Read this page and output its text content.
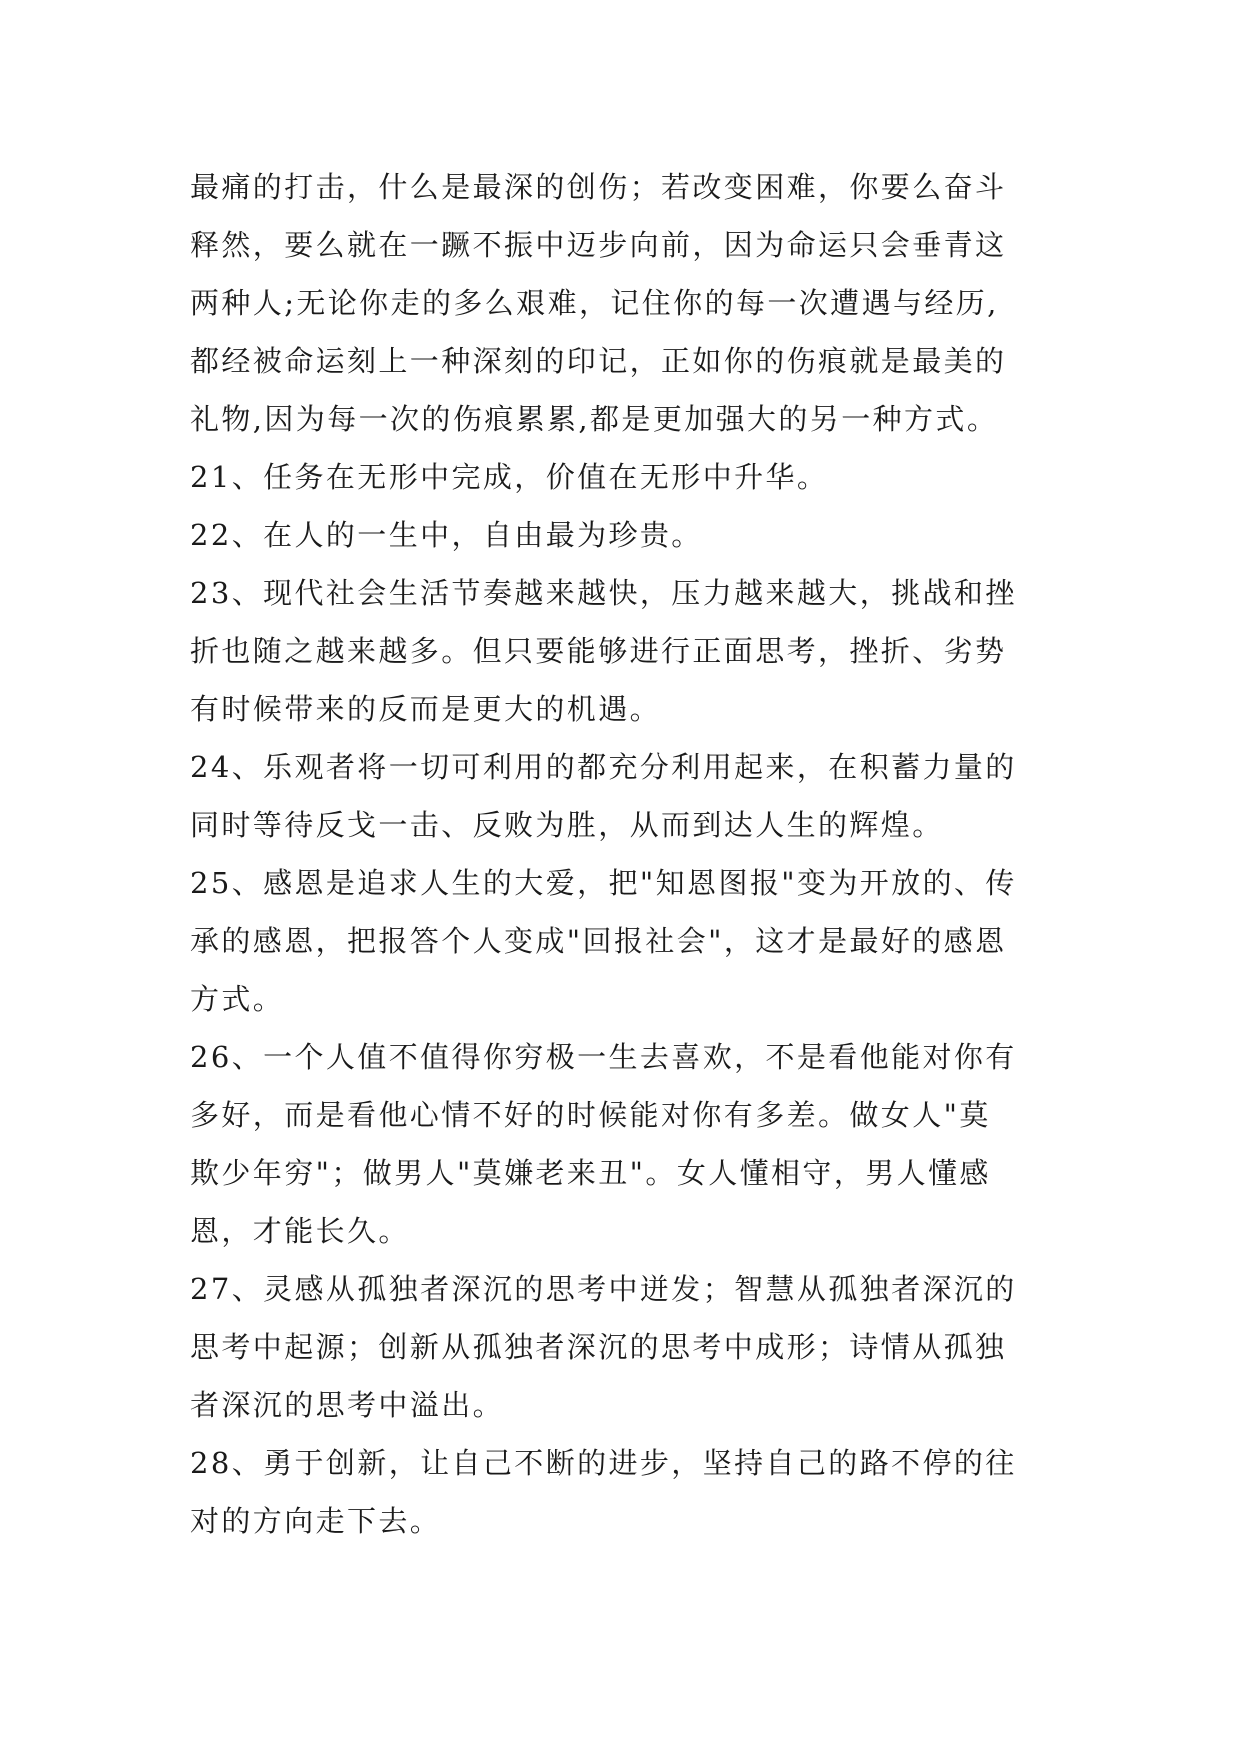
最痛的打击，什么是最深的创伤；若改变困难，你要么奋斗
释然，要么就在一蹶不振中迈步向前，因为命运只会垂青这
两种人;无论你走的多么艰难，记住你的每一次遭遇与经历,
都经被命运刻上一种深刻的印记，正如你的伤痕就是最美的
礼物,因为每一次的伤痕累累,都是更加强大的另一种方式。
21、任务在无形中完成，价值在无形中升华。
22、在人的一生中，自由最为珍贵。
23、现代社会生活节奏越来越快，压力越来越大，挑战和挫
折也随之越来越多。但只要能够进行正面思考，挫折、劣势
有时候带来的反而是更大的机遇。
24、乐观者将一切可利用的都充分利用起来，在积蓄力量的
同时等待反戈一击、反败为胜，从而到达人生的辉煌。
25、感恩是追求人生的大爱，把"知恩图报"变为开放的、传
承的感恩，把报答个人变成"回报社会"，这才是最好的感恩
方式。
26、一个人值不值得你穷极一生去喜欢，不是看他能对你有
多好，而是看他心情不好的时候能对你有多差。做女人"莫
欺少年穷"；做男人"莫嫌老来丑"。女人懂相守，男人懂感
恩，才能长久。
27、灵感从孤独者深沉的思考中迸发；智慧从孤独者深沉的
思考中起源；创新从孤独者深沉的思考中成形；诗情从孤独
者深沉的思考中溢出。
28、勇于创新，让自己不断的进步，坚持自己的路不停的往
对的方向走下去。
